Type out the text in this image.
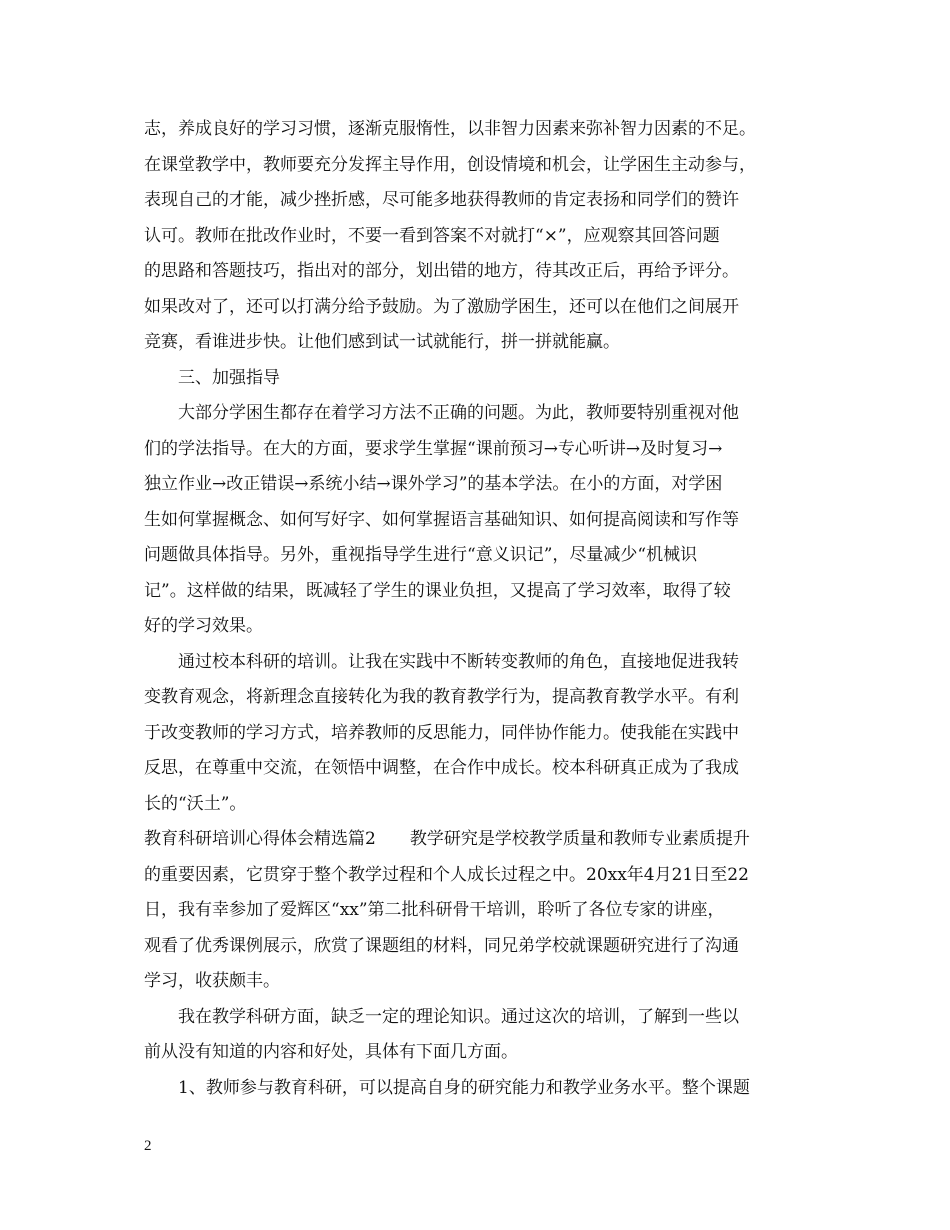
志，养成良好的学习习惯，逐渐克服惰性，以非智力因素来弥补智力因素的不足。
在课堂教学中，教师要充分发挥主导作用，创设情境和机会，让学困生主动参与，
表现自己的才能，减少挫折感，尽可能多地获得教师的肯定表扬和同学们的赞许
认可。教师在批改作业时，不要一看到答案不对就打“×”，应观察其回答问题
的思路和答题技巧，指出对的部分，划出错的地方，待其改正后，再给予评分。
如果改对了，还可以打满分给予鼓励。为了激励学困生，还可以在他们之间展开
竞赛，看谁进步快。让他们感到试一试就能行，拼一拼就能赢。
三、加强指导
大部分学困生都存在着学习方法不正确的问题。为此，教师要特别重视对他
们的学法指导。在大的方面，要求学生掌握“课前预习→专心听讲→及时复习→
独立作业→改正错误→系统小结→课外学习”的基本学法。在小的方面，对学困
生如何掌握概念、如何写好字、如何掌握语言基础知识、如何提高阅读和写作等
问题做具体指导。另外，重视指导学生进行“意义识记”，尽量减少“机械识
记”。这样做的结果，既减轻了学生的课业负担，又提高了学习效率，取得了较
好的学习效果。
通过校本科研的培训。让我在实践中不断转变教师的角色，直接地促进我转
变教育观念，将新理念直接转化为我的教育教学行为，提高教育教学水平。有利
于改变教师的学习方式，培养教师的反思能力，同伴协作能力。使我能在实践中
反思，在尊重中交流，在领悟中调整，在合作中成长。校本科研真正成为了我成
长的“沃土”。
教育科研培训心得体会精选篇2　　教学研究是学校教学质量和教师专业素质提升
的重要因素，它贯穿于整个教学过程和个人成长过程之中。20xx年4月21日至22
日，我有幸参加了爱辉区“xx”第二批科研骨干培训，聆听了各位专家的讲座，
观看了优秀课例展示，欣赏了课题组的材料，同兄弟学校就课题研究进行了沟通
学习，收获颇丰。
我在教学科研方面，缺乏一定的理论知识。通过这次的培训，了解到一些以
前从没有知道的内容和好处，具体有下面几方面。
1、教师参与教育科研，可以提高自身的研究能力和教学业务水平。整个课题
2
